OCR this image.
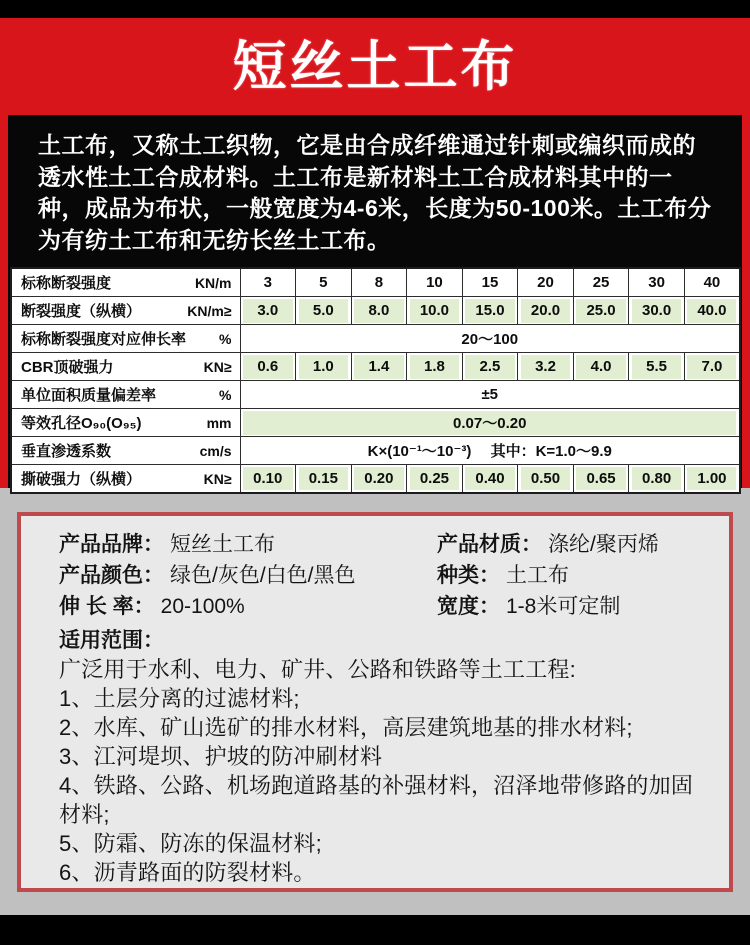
短丝土工布
土工布，又称土工织物，它是由合成纤维通过针刺或编织而成的透水性土工合成材料。土工布是新材料土工合成材料其中的一种，成品为布状，一般宽度为4-6米，长度为50-100米。土工布分为有纺土工布和无纺长丝土工布。
标称断裂强度 KN/m	3	5	8	10	15	20	25	30	40

断裂强度（纵横） KN/m≥	3.0	5.0	8.0	10.0	15.0	20.0	25.0	30.0	40.0

标称断裂强度对应伸长率 %	20～100								

CBR顶破强力 KN≥	0.6	1.0	1.4	1.8	2.5	3.2	4.0	5.5	7.0

单位面积质量偏差率 %	±5								

等效孔径O₉₀(O₉₅) mm	0.07～0.20								

垂直渗透系数 cm/s	K×(10⁻¹～10⁻³)　 其中：K=1.0～9.9								

撕破强力（纵横） KN≥	0.10	0.15	0.20	0.25	0.40	0.50	0.65	0.80	1.00
产品品牌： 短丝土工布	产品材质： 涤纶/聚丙烯
产品颜色： 绿色/灰色/白色/黑色	种类： 土工布
伸 长 率： 20-100%	宽度： 1-8米可定制
适用范围：
广泛用于水利、电力、矿井、公路和铁路等土工工程:
1、土层分离的过滤材料;
2、水库、矿山选矿的排水材料，高层建筑地基的排水材料;
3、江河堤坝、护坡的防冲刷材料
4、铁路、公路、机场跑道路基的补强材料，沼泽地带修路的加固材料;
5、防霜、防冻的保温材料;
6、沥青路面的防裂材料。
